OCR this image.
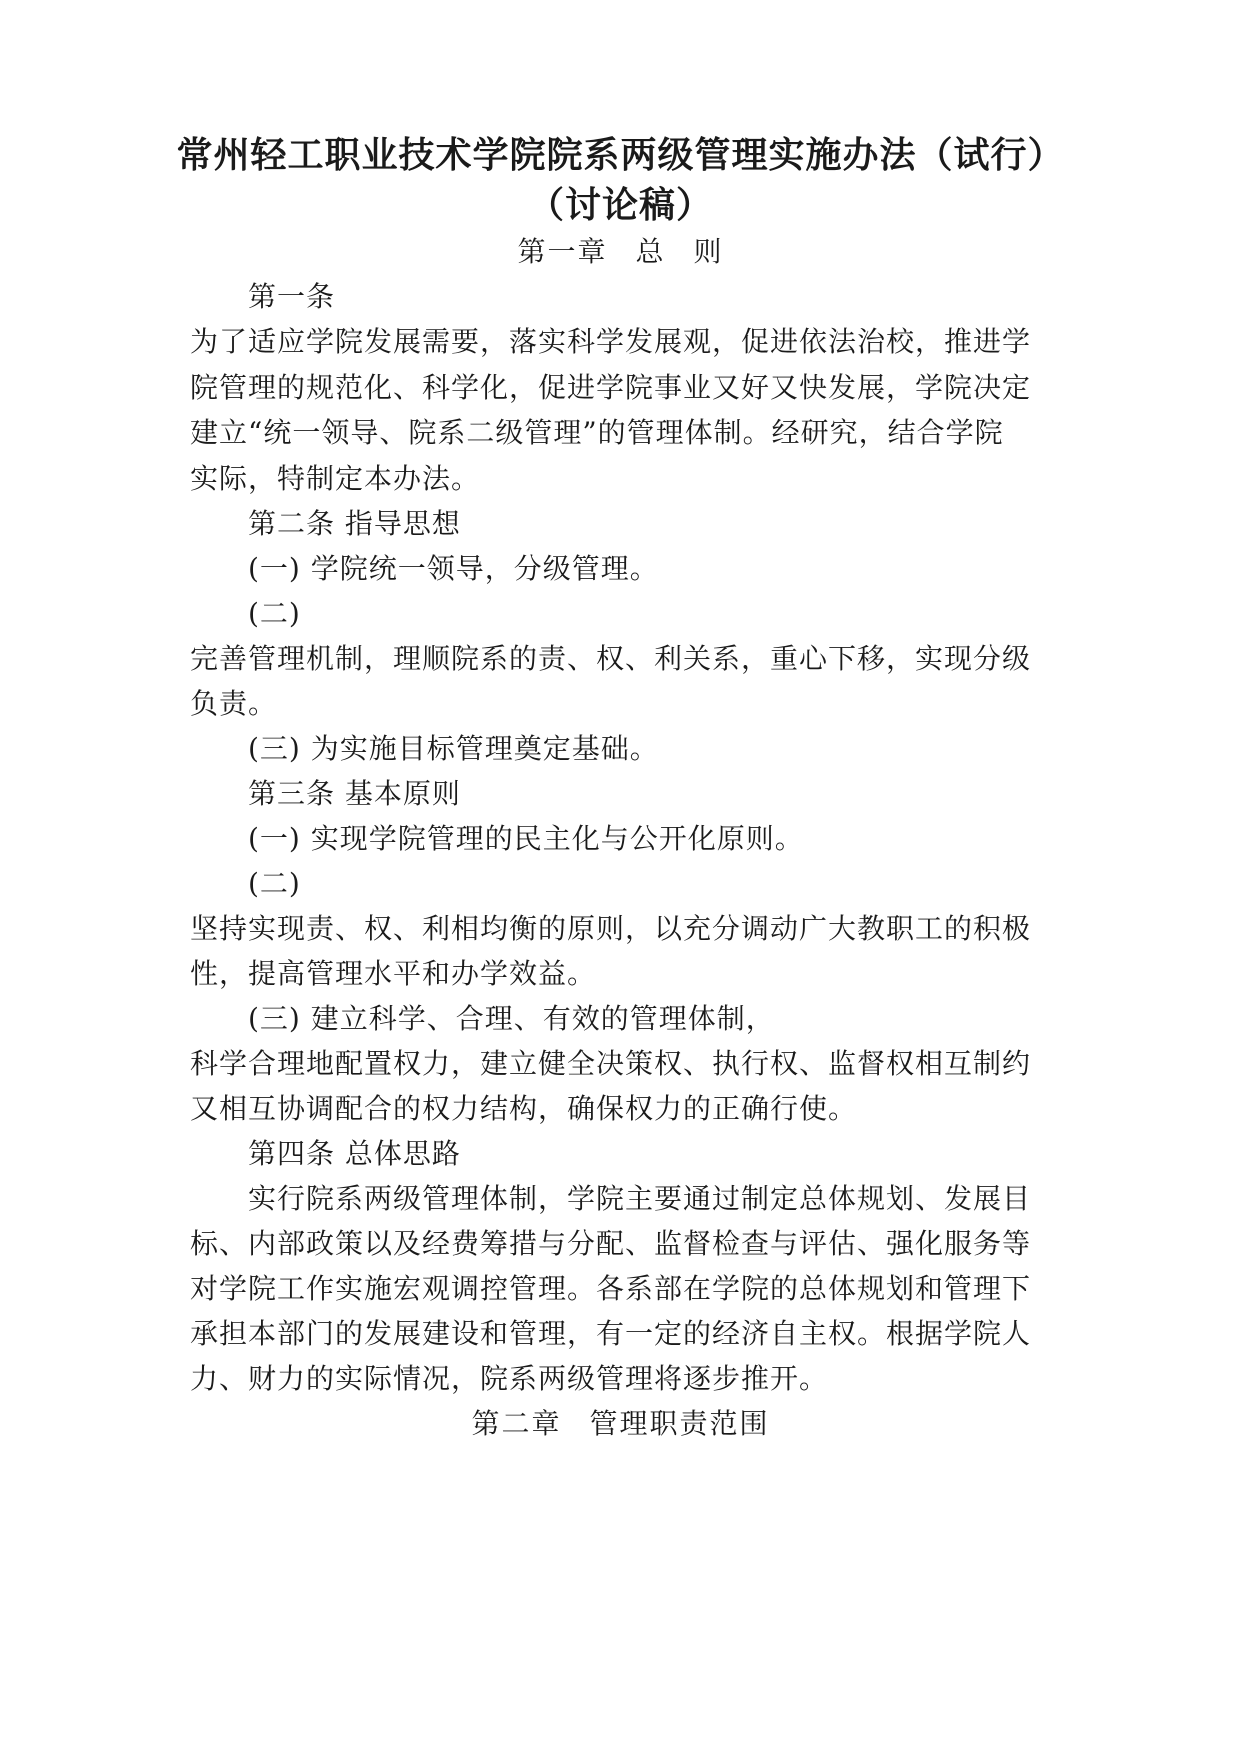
常州轻工职业技术学院院系两级管理实施办法（试行）
（讨论稿）
第一章 总 则
第一条
为了适应学院发展需要，落实科学发展观，促进依法治校，推进学
院管理的规范化、科学化，促进学院事业又好又快发展，学院决定
建立“统一领导、院系二级管理”的管理体制。经研究，结合学院
实际，特制定本办法。
第二条 指导思想
(一) 学院统一领导，分级管理。
(二)
完善管理机制，理顺院系的责、权、利关系，重心下移，实现分级
负责。
(三) 为实施目标管理奠定基础。
第三条 基本原则
(一) 实现学院管理的民主化与公开化原则。
(二)
坚持实现责、权、利相均衡的原则，以充分调动广大教职工的积极
性，提高管理水平和办学效益。
(三) 建立科学、合理、有效的管理体制，
科学合理地配置权力，建立健全决策权、执行权、监督权相互制约
又相互协调配合的权力结构，确保权力的正确行使。
第四条 总体思路
实行院系两级管理体制，学院主要通过制定总体规划、发展目
标、内部政策以及经费筹措与分配、监督检查与评估、强化服务等
对学院工作实施宏观调控管理。各系部在学院的总体规划和管理下
承担本部门的发展建设和管理，有一定的经济自主权。根据学院人
力、财力的实际情况，院系两级管理将逐步推开。
第二章 管理职责范围
